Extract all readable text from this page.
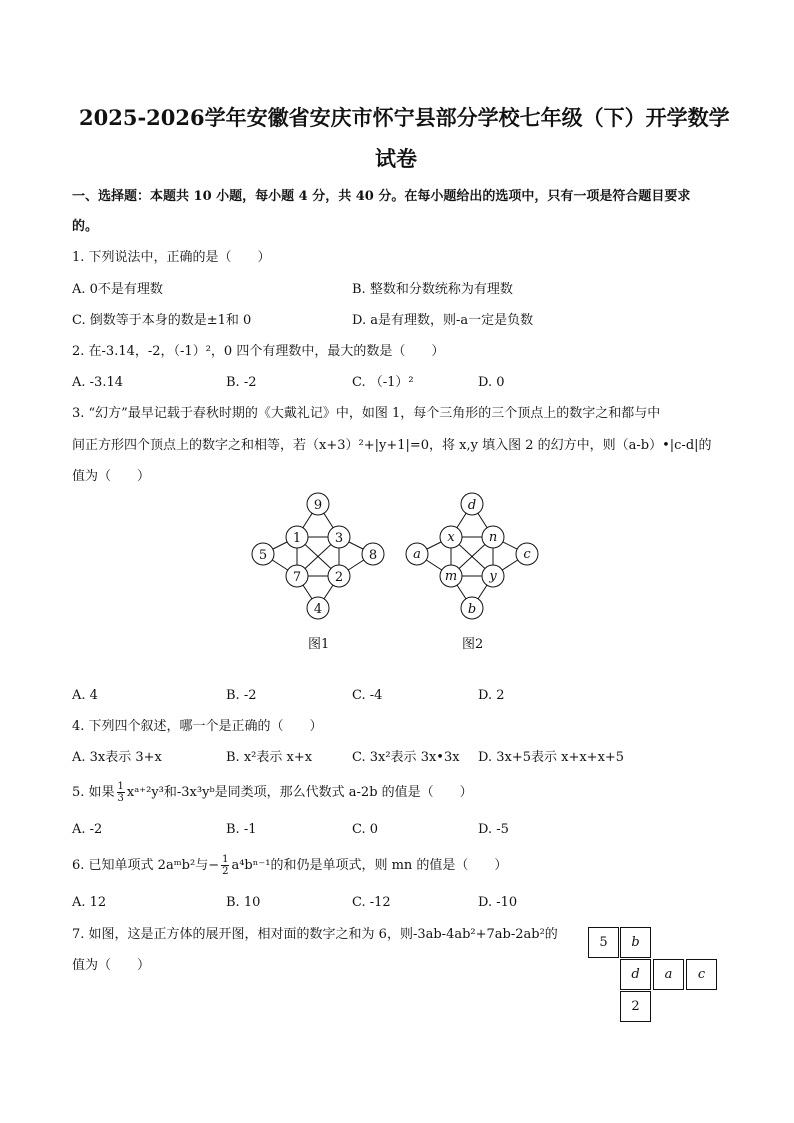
2025-2026学年安徽省安庆市怀宁县部分学校七年级（下）开学数学
试卷
一、选择题：本题共 10 小题，每小题 4 分，共 40 分。在每小题给出的选项中，只有一项是符合题目要求
的。
1. 下列说法中，正确的是（　　）
A. 0不是有理数	B. 整数和分数统称为有理数
C. 倒数等于本身的数是±1和 0	D. a是有理数，则-a一定是负数
2. 在-3.14，-2，（-1）²，0 四个有理数中，最大的数是（　　）
A. -3.14	B. -2	C. （-1）²	D. 0
3. “幻方”最早记载于春秋时期的《大戴礼记》中，如图 1，每个三角形的三个顶点上的数字之和都与中
间正方形四个顶点上的数字之和相等，若（x+3）²+|y+1|=0，将 x,y 填入图 2 的幻方中，则（a-b）•|c-d|的
值为（　　）
9
1	3
5	8
7	2
4
图1
d
x	n
a	c
m y
b
图2
A. 4	B. -2	C. -4	D. 2
4. 下列四个叙述，哪一个是正确的（　　）
A. 3x表示 3+x	B. x²表示 x+x	C. 3x²表示 3x•3x D. 3x+5表示 x+x+x+5
5. 如果 $\frac{1}{3}$ xᵃ⁺²y³和-3x³yᵇ是同类项，那么代数式 a-2b 的值是（　　）
A. -2	B. -1	C. 0	D. -5
6. 已知单项式 2aᵐb²与− $\frac{1}{2} a^4b^{n-1}$的和仍是单项式，则 mn 的值是（　　）
A. 12	B. 10	C. -12	D. -10
7. 如图，这是正方体的展开图，相对面的数字之和为 6，则-3ab-4ab²+7ab-2ab²的
值为（　　）
5	b
d	a	c
2
